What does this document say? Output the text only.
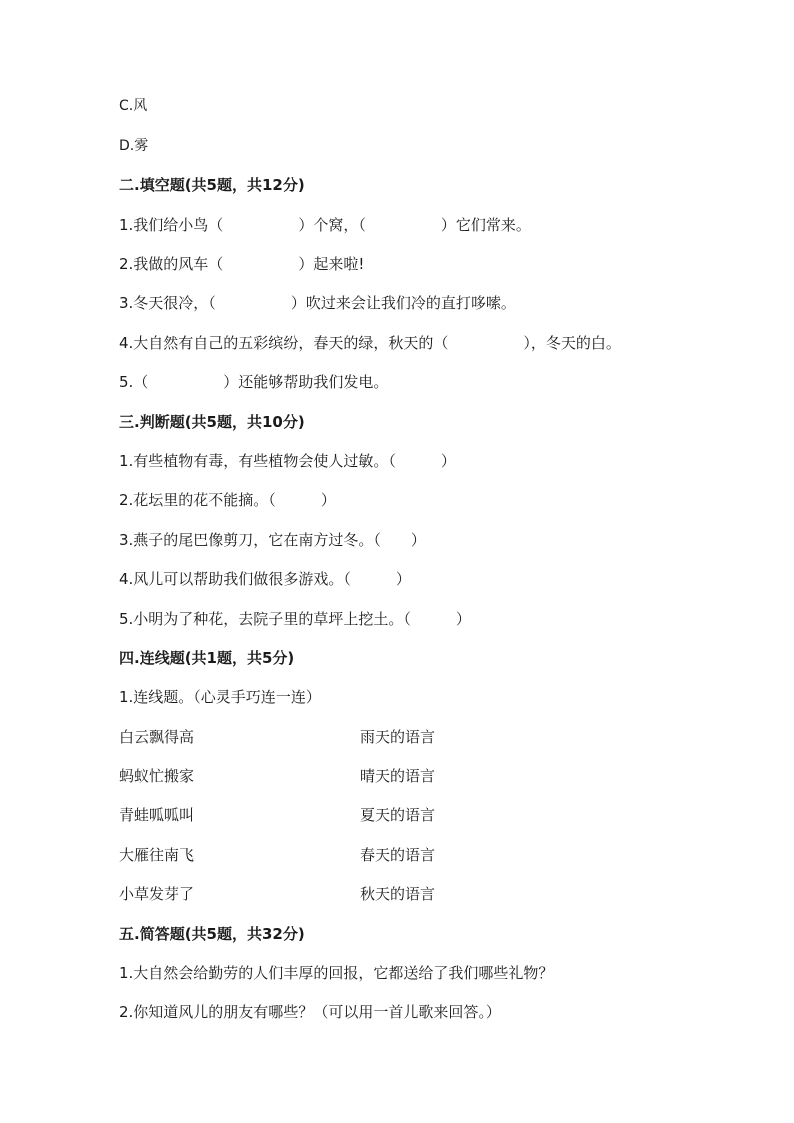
C.风
D.雾
二.填空题(共5题，共12分)
1.我们给小鸟（　　　　　）个窝，（　　　　　）它们常来。
2.我做的风车（　　　　　）起来啦!
3.冬天很冷，（　　　　　）吹过来会让我们冷的直打哆嗦。
4.大自然有自己的五彩缤纷，春天的绿，秋天的（　　　　　），冬天的白。
5.（　　　　　）还能够帮助我们发电。
三.判断题(共5题，共10分)
1.有些植物有毒，有些植物会使人过敏。（　　　）
2.花坛里的花不能摘。（　　　）
3.燕子的尾巴像剪刀，它在南方过冬。（　　）
4.风儿可以帮助我们做很多游戏。（　　　）
5.小明为了种花，去院子里的草坪上挖土。（　　　）
四.连线题(共1题，共5分)
1.连线题。（心灵手巧连一连）
白云飘得高	雨天的语言
蚂蚁忙搬家	晴天的语言
青蛙呱呱叫	夏天的语言
大雁往南飞	春天的语言
小草发芽了	秋天的语言
五.简答题(共5题，共32分)
1.大自然会给勤劳的人们丰厚的回报，它都送给了我们哪些礼物？
2.你知道风儿的朋友有哪些？（可以用一首儿歌来回答。）
